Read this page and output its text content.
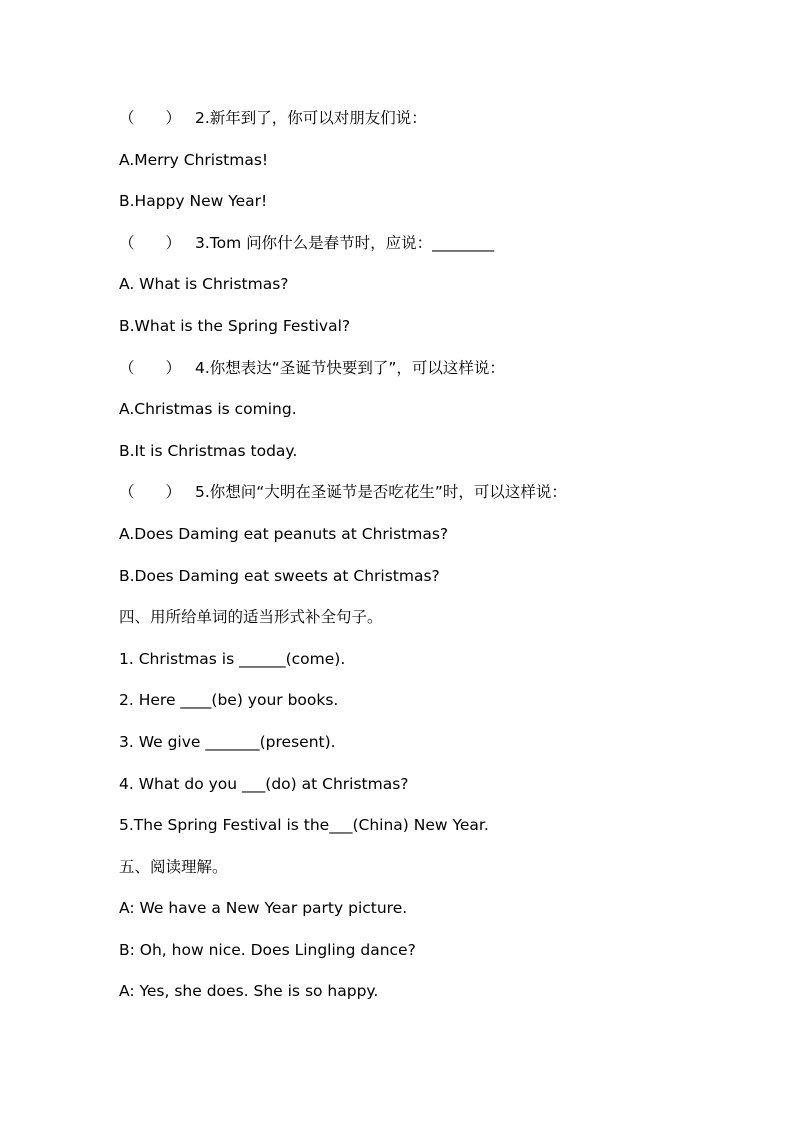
（　　） 2.新年到了，你可以对朋友们说：
A.Merry Christmas!
B.Happy New Year!
（　　） 3.Tom 问你什么是春节时，应说：________
A. What is Christmas?
B.What is the Spring Festival?
（　　） 4.你想表达“圣诞节快要到了”，可以这样说：
A.Christmas is coming.
B.It is Christmas today.
（　　） 5.你想问“大明在圣诞节是否吃花生”时，可以这样说：
A.Does Daming eat peanuts at Christmas?
B.Does Daming eat sweets at Christmas?
四、用所给单词的适当形式补全句子。
1. Christmas is ______(come).
2. Here ____(be) your books.
3. We give _______(present).
4. What do you ___(do) at Christmas?
5.The Spring Festival is the___(China) New Year.
五、阅读理解。
A: We have a New Year party picture.
B: Oh, how nice. Does Lingling dance?
A: Yes, she does. She is so happy.
